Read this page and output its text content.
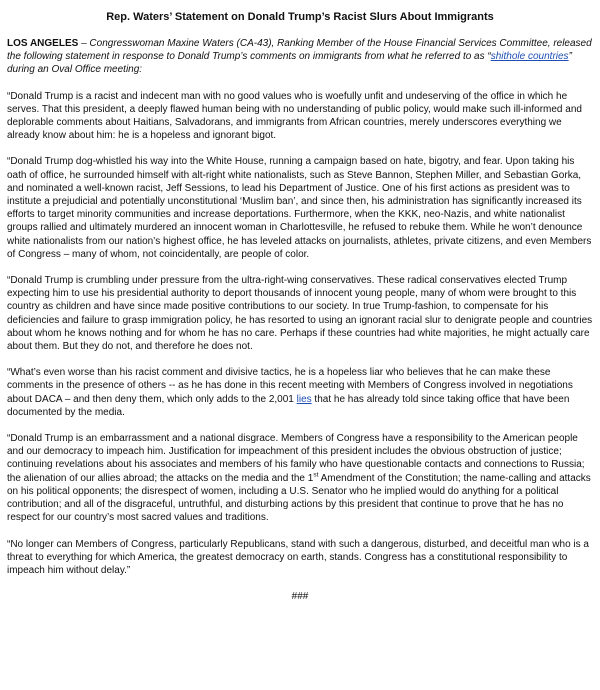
Rep. Waters’ Statement on Donald Trump’s Racist Slurs About Immigrants

LOS ANGELES – Congresswoman Maxine Waters (CA-43), Ranking Member of the House Financial Services Committee, released the following statement in response to Donald Trump’s comments on immigrants from what he referred to as “shithole countries” during an Oval Office meeting:

“Donald Trump is a racist and indecent man with no good values who is woefully unfit and undeserving of the office in which he serves. That this president, a deeply flawed human being with no understanding of public policy, would make such ill-informed and deplorable comments about Haitians, Salvadorans, and immigrants from African countries, merely underscores everything we already know about him: he is a hopeless and ignorant bigot.

“Donald Trump dog-whistled his way into the White House, running a campaign based on hate, bigotry, and fear. Upon taking his oath of office, he surrounded himself with alt-right white nationalists, such as Steve Bannon, Stephen Miller, and Sebastian Gorka, and nominated a well-known racist, Jeff Sessions, to lead his Department of Justice. One of his first actions as president was to institute a prejudicial and potentially unconstitutional ‘Muslim ban’, and since then, his administration has significantly increased its efforts to target minority communities and increase deportations. Furthermore, when the KKK, neo-Nazis, and white nationalist groups rallied and ultimately murdered an innocent woman in Charlottesville, he refused to rebuke them. While he won’t denounce white nationalists from our nation’s highest office, he has leveled attacks on journalists, athletes, private citizens, and even Members of Congress – many of whom, not coincidentally, are people of color.

“Donald Trump is crumbling under pressure from the ultra-right-wing conservatives. These radical conservatives elected Trump expecting him to use his presidential authority to deport thousands of innocent young people, many of whom were brought to this country as children and have since made positive contributions to our society. In true Trump-fashion, to compensate for his deficiencies and failure to grasp immigration policy, he has resorted to using an ignorant racial slur to denigrate people and countries about whom he knows nothing and for whom he has no care. Perhaps if these countries had white majorities, he might actually care about them. But they do not, and therefore he does not.

“What’s even worse than his racist comment and divisive tactics, he is a hopeless liar who believes that he can make these comments in the presence of others -- as he has done in this recent meeting with Members of Congress involved in negotiations about DACA – and then deny them, which only adds to the 2,001 lies that he has already told since taking office that have been documented by the media.

“Donald Trump is an embarrassment and a national disgrace. Members of Congress have a responsibility to the American people and our democracy to impeach him. Justification for impeachment of this president includes the obvious obstruction of justice; continuing revelations about his associates and members of his family who have questionable contacts and connections to Russia; the alienation of our allies abroad; the attacks on the media and the 1st Amendment of the Constitution; the name-calling and attacks on his political opponents; the disrespect of women, including a U.S. Senator who he implied would do anything for a political contribution; and all of the disgraceful, untruthful, and disturbing actions by this president that continue to prove that he has no respect for our country’s most sacred values and traditions.

“No longer can Members of Congress, particularly Republicans, stand with such a dangerous, disturbed, and deceitful man who is a threat to everything for which America, the greatest democracy on earth, stands. Congress has a constitutional responsibility to impeach him without delay.”

###
